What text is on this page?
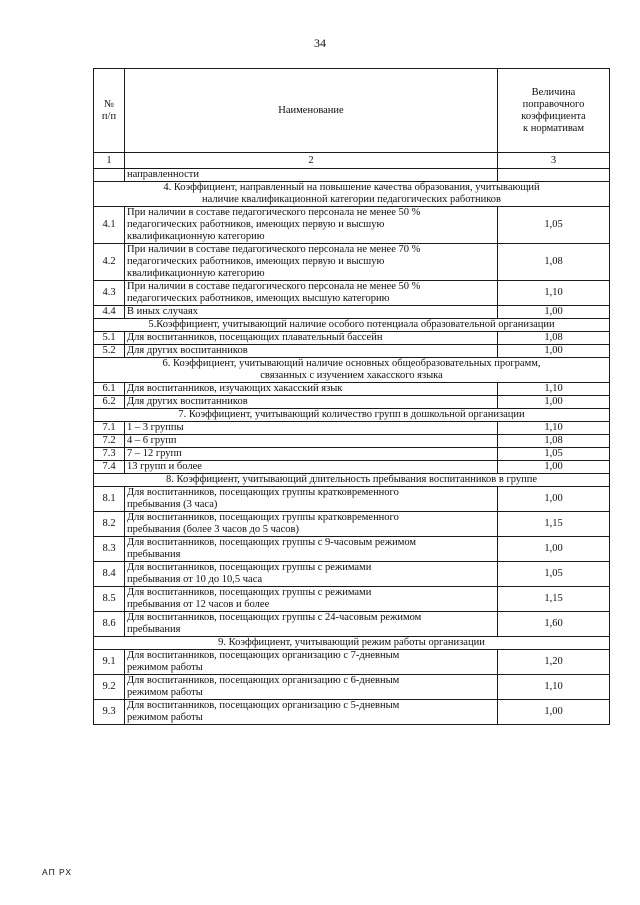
34
№
п/п	Наименование	Величина
поправочного
коэффициента
к нормативам
1	2	3
	направленности	
4. Коэффициент, направленный на повышение качества образования, учитывающий
наличие квалификационной категории педагогических работников		
4.1	При наличии в составе педагогического персонала не менее 50 %
педагогических работников, имеющих первую и высшую
квалификационную категорию	1,05
4.2	При наличии в составе педагогического персонала не менее 70 %
педагогических работников, имеющих первую и высшую
квалификационную категорию	1,08
4.3	При наличии в составе педагогического персонала не менее 50 %
педагогических работников, имеющих высшую категорию	1,10
4.4	В иных случаях	1,00
5.Коэффициент, учитывающий наличие особого потенциала образовательной организации		
5.1	Для воспитанников, посещающих плавательный бассейн	1,08
5.2	Для других воспитанников	1,00
6. Коэффициент, учитывающий наличие основных общеобразовательных программ,
связанных с изучением хакасского языка		
6.1	Для воспитанников, изучающих хакасский язык	1,10
6.2	Для других воспитанников	1,00
7. Коэффициент, учитывающий количество групп в дошкольной организации		
7.1	1 – 3 группы	1,10
7.2	4 – 6 групп	1,08
7.3	7 – 12 групп	1,05
7.4	13 групп и более	1,00
8. Коэффициент, учитывающий длительность пребывания воспитанников в группе		
8.1	Для воспитанников, посещающих группы кратковременного
пребывания (3 часа)	1,00
8.2	Для воспитанников, посещающих группы кратковременного
пребывания (более 3 часов до 5 часов)	1,15
8.3	Для воспитанников, посещающих группы с 9-часовым режимом
пребывания	1,00
8.4	Для воспитанников, посещающих группы с режимами
пребывания от 10 до 10,5 часа	1,05
8.5	Для воспитанников, посещающих группы с режимами
пребывания от 12 часов и более	1,15
8.6	Для воспитанников, посещающих группы с 24-часовым режимом
пребывания	1,60
9. Коэффициент, учитывающий режим работы организации		
9.1	Для воспитанников, посещающих организацию с 7-дневным
режимом работы	1,20
9.2	Для воспитанников, посещающих организацию с 6-дневным
режимом работы	1,10
9.3	Для воспитанников, посещающих организацию с 5-дневным
режимом работы	1,00
АП РХ
